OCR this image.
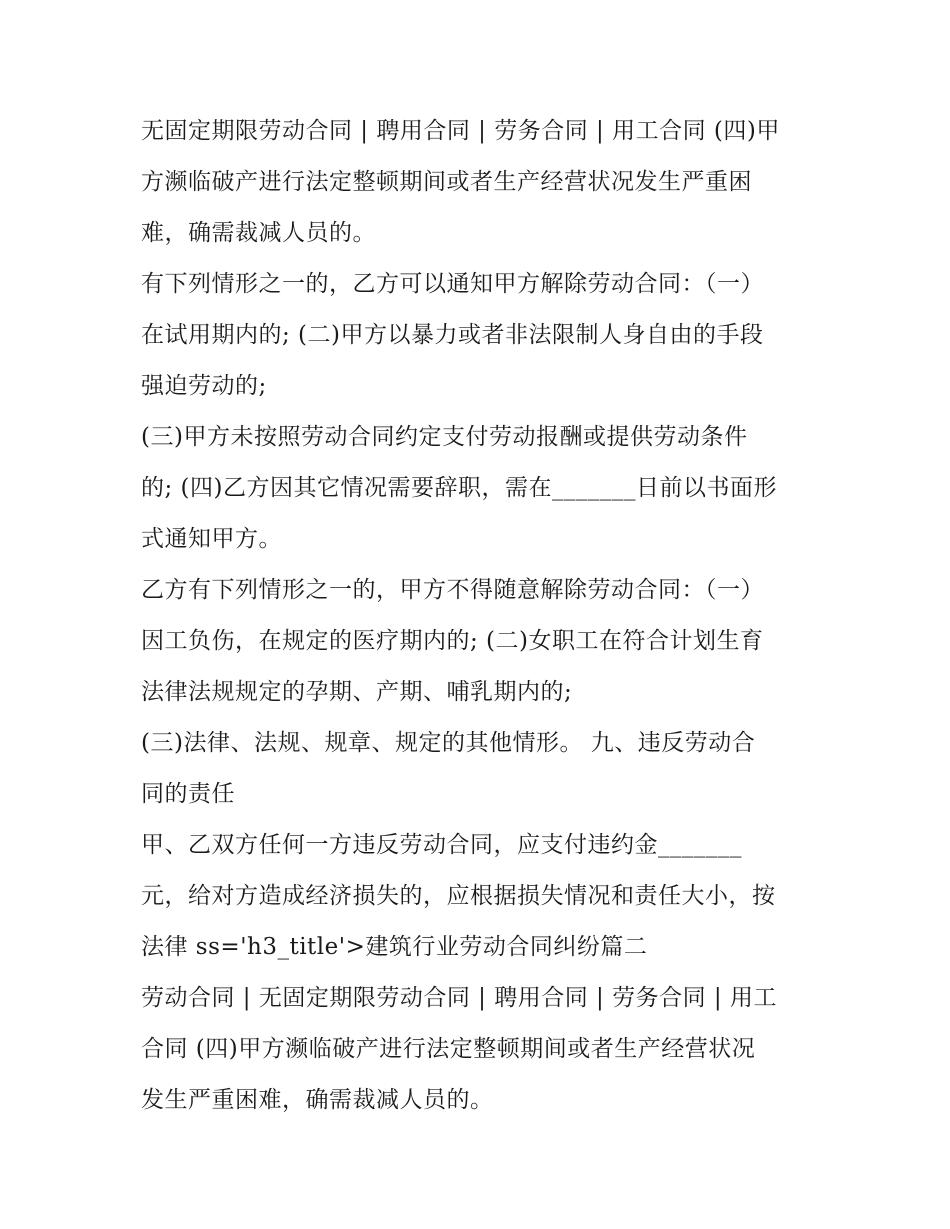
无固定期限劳动合同 | 聘用合同 | 劳务合同 | 用工合同 (四)甲
方濒临破产进行法定整顿期间或者生产经营状况发生严重困
难，确需裁减人员的。
有下列情形之一的，乙方可以通知甲方解除劳动合同：（一）
在试用期内的; (二)甲方以暴力或者非法限制人身自由的手段
强迫劳动的;
(三)甲方未按照劳动合同约定支付劳动报酬或提供劳动条件
的; (四)乙方因其它情况需要辞职，需在_______日前以书面形
式通知甲方。
乙方有下列情形之一的，甲方不得随意解除劳动合同：（一）
因工负伤，在规定的医疗期内的; (二)女职工在符合计划生育
法律法规规定的孕期、产期、哺乳期内的;
(三)法律、法规、规章、规定的其他情形。 九、违反劳动合
同的责任
甲、乙双方任何一方违反劳动合同，应支付违约金_______
元，给对方造成经济损失的，应根据损失情况和责任大小，按
法律 ss='h3_title'>建筑行业劳动合同纠纷篇二
劳动合同 | 无固定期限劳动合同 | 聘用合同 | 劳务合同 | 用工
合同 (四)甲方濒临破产进行法定整顿期间或者生产经营状况
发生严重困难，确需裁减人员的。
